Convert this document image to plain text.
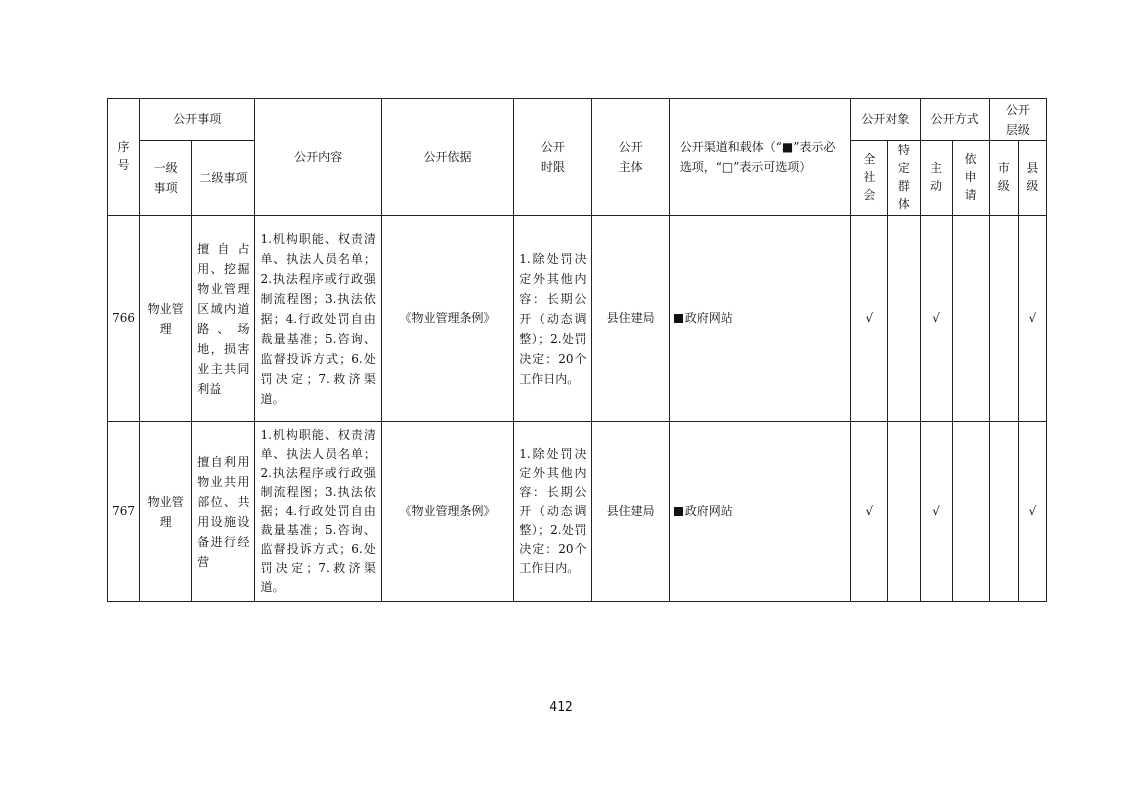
序号	公开事项		公开内容	公开依据	公开时限	公开主体	公开渠道和载体（“■”表示必选项，“□”表示可选项）	公开对象		公开方式		公开层级	

	一级事项	二级事项						全社会	特定群体	主动	依申请	市级	县级
766	物业管理	擅自占用、挖掘物业管理区域内道路、场地，损害业主共同利益	1.机构职能、权责清单、执法人员名单；2.执法程序或行政强制流程图；3.执法依据；4.行政处罚自由裁量基准；5.咨询、监督投诉方式；6.处罚决定；7.救济渠道。	《物业管理条例》	1.除处罚决定外其他内容：长期公开（动态调整）；2.处罚决定：20个工作日内。	县住建局	政府网站	√		√			√
767	物业管理	擅自利用物业共用部位、共用设施设备进行经营	1.机构职能、权责清单、执法人员名单；2.执法程序或行政强制流程图；3.执法依据；4.行政处罚自由裁量基准；5.咨询、监督投诉方式；6.处罚决定；7.救济渠道。	《物业管理条例》	1.除处罚决定外其他内容：长期公开（动态调整）；2.处罚决定：20个工作日内。	县住建局	政府网站	√		√			√
412
